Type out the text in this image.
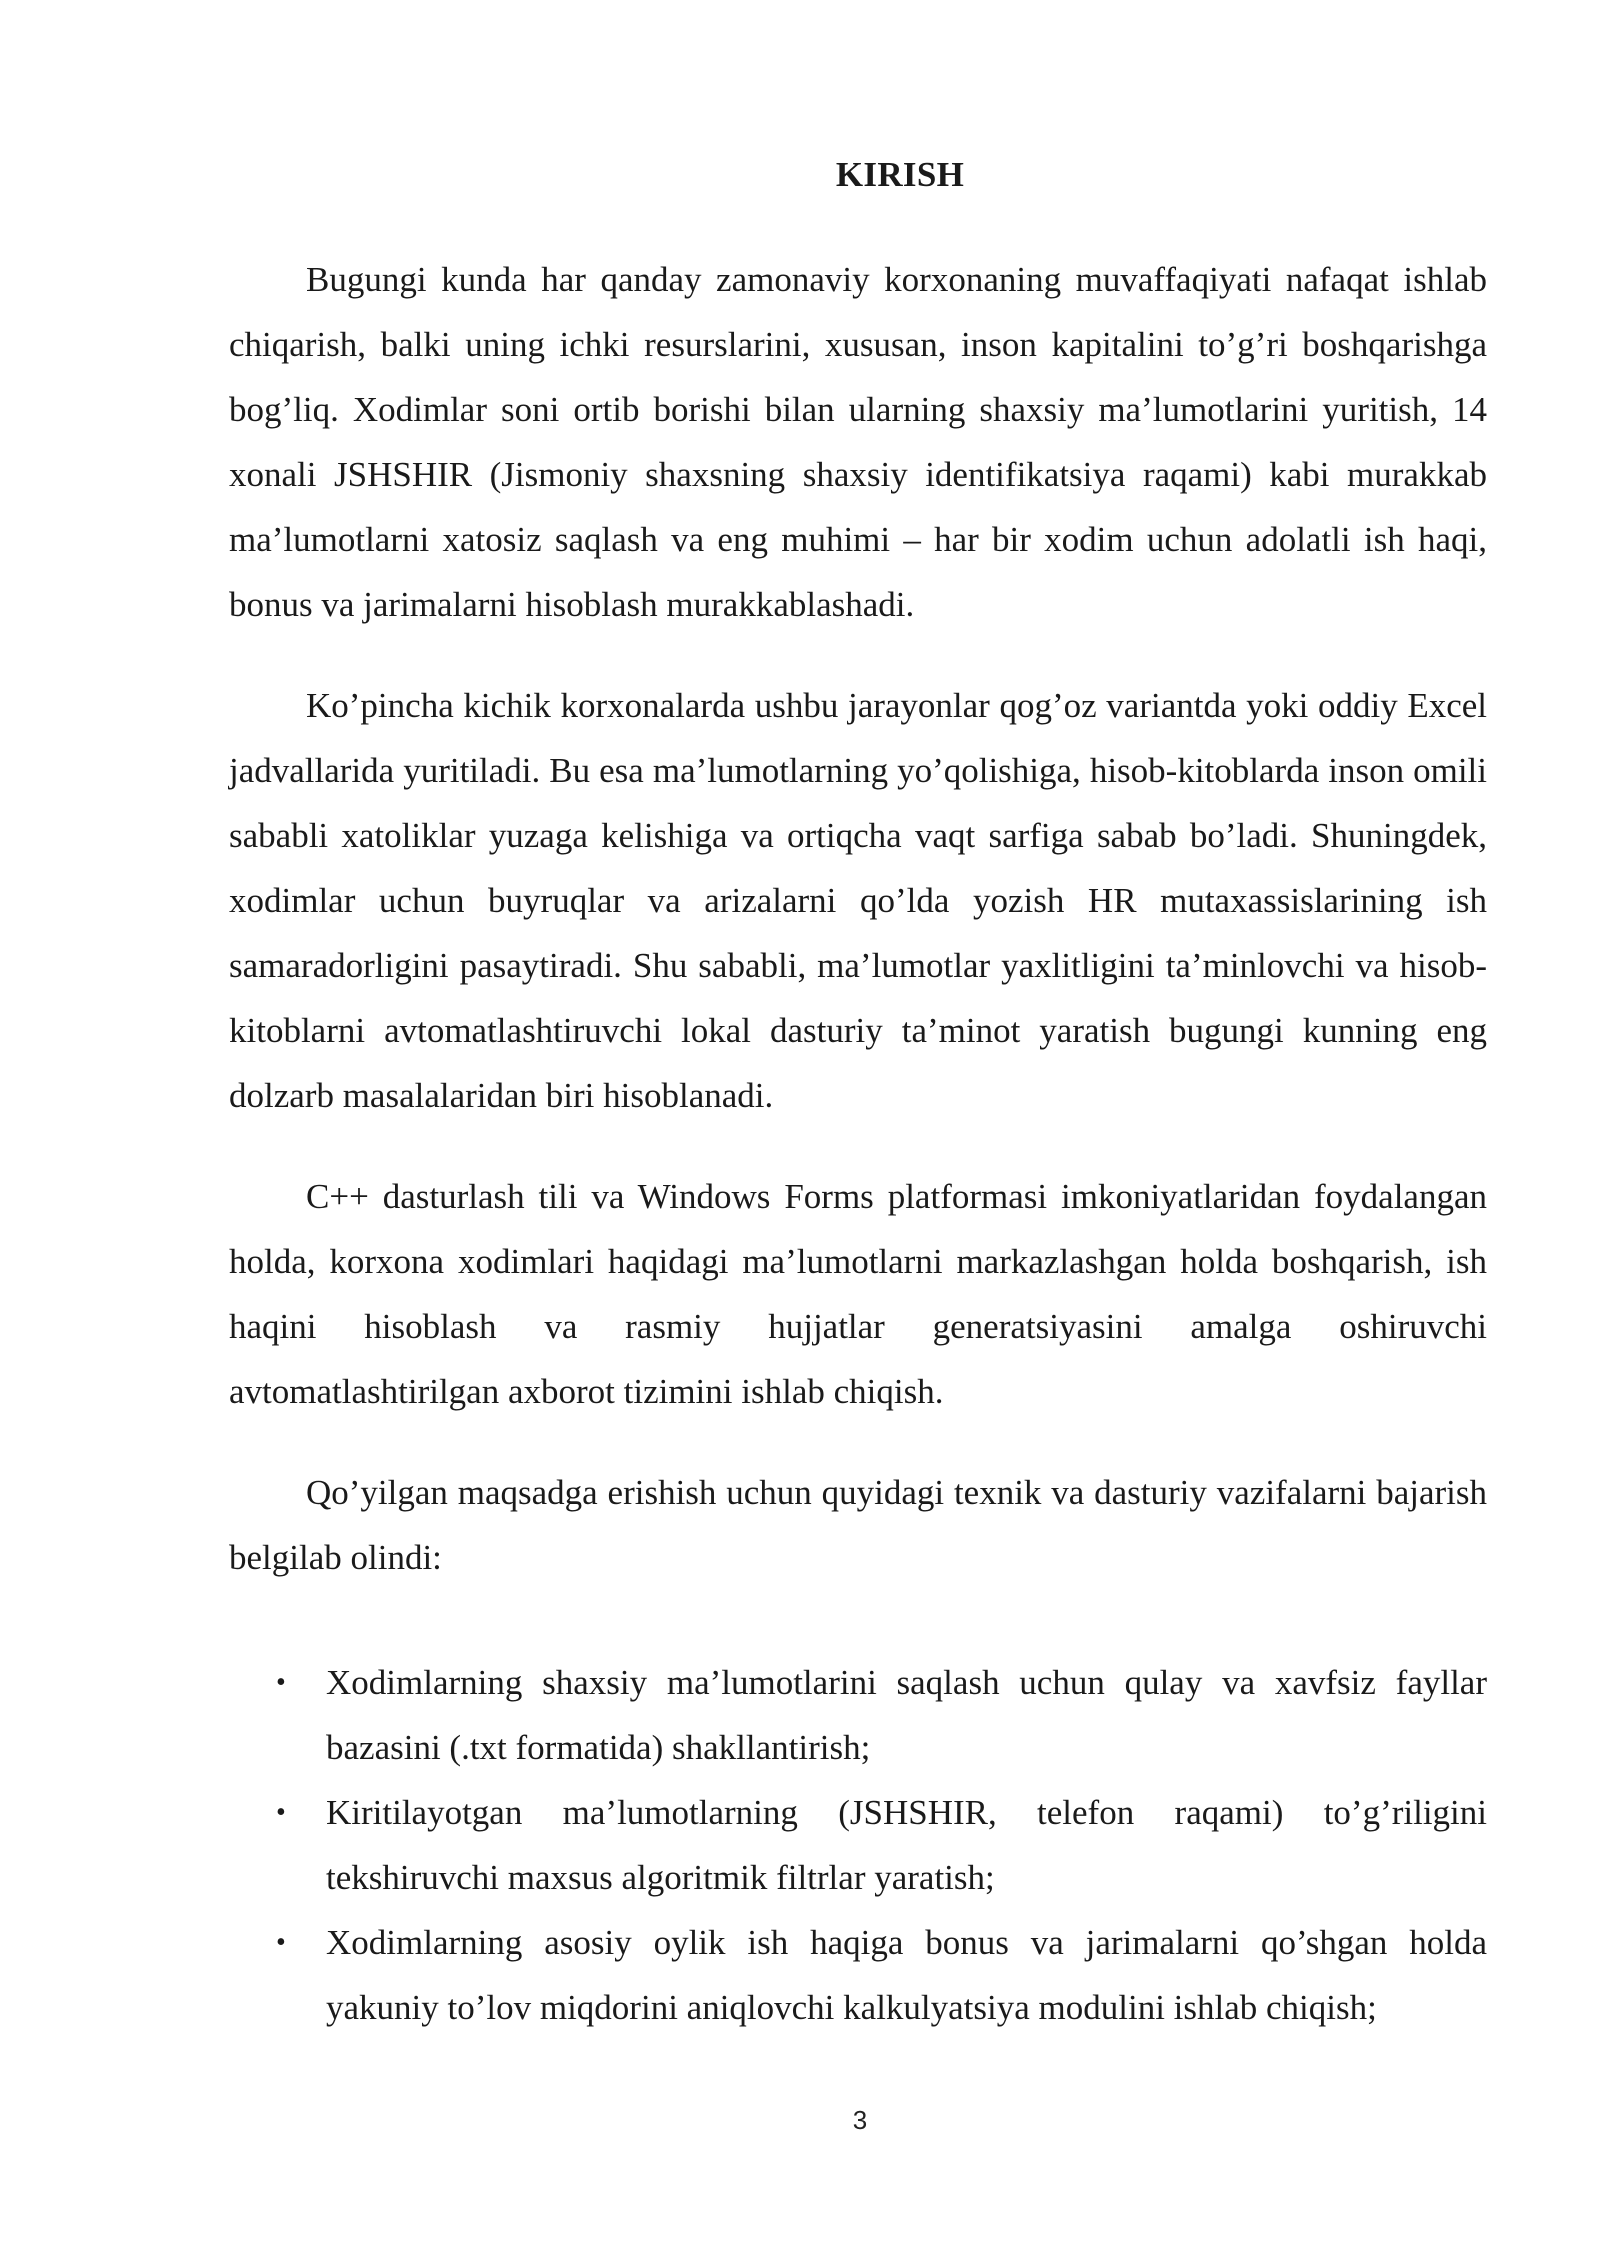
KIRISH

Bugungi kunda har qanday zamonaviy korxonaning muvaffaqiyati nafaqat ishlab chiqarish, balki uning ichki resurslarini, xususan, inson kapitalini to’g’ri boshqarishga bog’liq. Xodimlar soni ortib borishi bilan ularning shaxsiy ma’lumotlarini yuritish, 14 xonali JSHSHIR (Jismoniy shaxsning shaxsiy identifikatsiya raqami) kabi murakkab ma’lumotlarni xatosiz saqlash va eng muhimi – har bir xodim uchun adolatli ish haqi, bonus va jarimalarni hisoblash murakkablashadi.

Ko’pincha kichik korxonalarda ushbu jarayonlar qog’oz variantda yoki oddiy Excel jadvallarida yuritiladi. Bu esa ma’lumotlarning yo’qolishiga, hisob-kitoblarda inson omili sababli xatoliklar yuzaga kelishiga va ortiqcha vaqt sarfiga sabab bo’ladi. Shuningdek, xodimlar uchun buyruqlar va arizalarni qo’lda yozish HR mutaxassislarining ish samaradorligini pasaytiradi. Shu sababli, ma’lumotlar yaxlitligini ta’minlovchi va hisob-kitoblarni avtomatlashtiruvchi lokal dasturiy ta’minot yaratish bugungi kunning eng dolzarb masalalaridan biri hisoblanadi.

C++ dasturlash tili va Windows Forms platformasi imkoniyatlaridan foydalangan holda, korxona xodimlari haqidagi ma’lumotlarni markazlashgan holda boshqarish, ish haqini hisoblash va rasmiy hujjatlar generatsiyasini amalga oshiruvchi avtomatlashtirilgan axborot tizimini ishlab chiqish.

Qo’yilgan maqsadga erishish uchun quyidagi texnik va dasturiy vazifalarni bajarish belgilab olindi:

• Xodimlarning shaxsiy ma’lumotlarini saqlash uchun qulay va xavfsiz fayllar bazasini (.txt formatida) shakllantirish;
• Kiritilayotgan ma’lumotlarning (JSHSHIR, telefon raqami) to’g’riligini tekshiruvchi maxsus algoritmik filtrlar yaratish;
• Xodimlarning asosiy oylik ish haqiga bonus va jarimalarni qo’shgan holda yakuniy to’lov miqdorini aniqlovchi kalkulyatsiya modulini ishlab chiqish;
3
